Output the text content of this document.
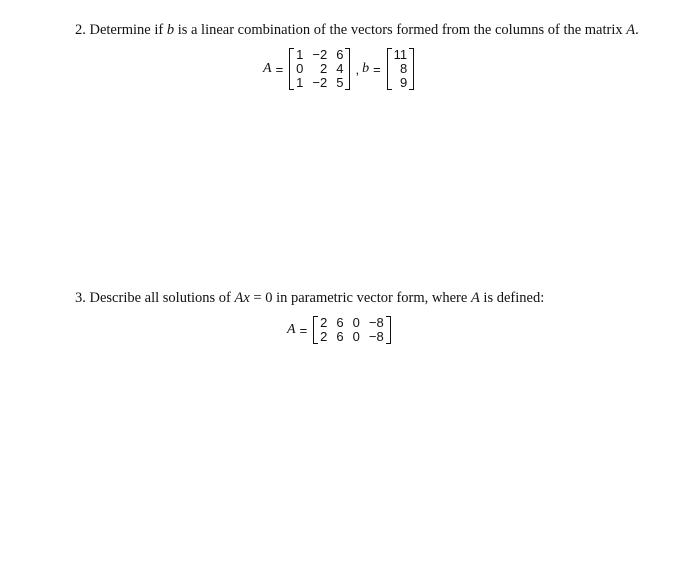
2. Determine if b is a linear combination of the vectors formed from the columns of the matrix A.
A =
1 −2 6
0	2 4
1 −2 5
, b =
11
8
9
3. Describe all solutions of Ax = 0 in parametric vector form, where A is defined:
A = 2 6 0 −8
2 6 0 −8
